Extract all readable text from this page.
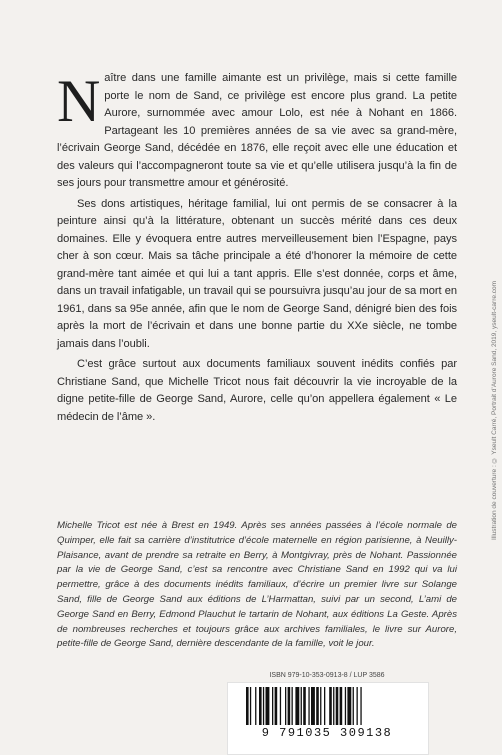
Naître dans une famille aimante est un privilège, mais si cette famille porte le nom de Sand, ce privilège est encore plus grand. La petite Aurore, surnommée avec amour Lolo, est née à Nohant en 1866. Partageant les 10 premières années de sa vie avec sa grand-mère, l’écrivain George Sand, décédée en 1876, elle reçoit avec elle une éducation et des valeurs qui l’accompagneront toute sa vie et qu’elle utilisera jusqu’à la fin de ses jours pour transmettre amour et générosité.

Ses dons artistiques, héritage familial, lui ont permis de se consacrer à la peinture ainsi qu’à la littérature, obtenant un succès mérité dans ces deux domaines. Elle y évoquera entre autres merveilleusement bien l’Espagne, pays cher à son cœur. Mais sa tâche principale a été d’honorer la mémoire de cette grand-mère tant aimée et qui lui a tant appris. Elle s’est donnée, corps et âme, dans un travail infatigable, un travail qui se poursuivra jusqu’au jour de sa mort en 1961, dans sa 95e année, afin que le nom de George Sand, dénigré bien des fois après la mort de l’écrivain et dans une bonne partie du XXe siècle, ne tombe jamais dans l’oubli.

C’est grâce surtout aux documents familiaux souvent inédits confiés par Christiane Sand, que Michelle Tricot nous fait découvrir la vie incroyable de la digne petite-fille de George Sand, Aurore, celle qu’on appellera également « Le médecin de l’âme ».

Michelle Tricot est née à Brest en 1949. Après ses années passées à l’école normale de Quimper, elle fait sa carrière d’institutrice d’école maternelle en région parisienne, à Neuilly-Plaisance, avant de prendre sa retraite en Berry, à Montgivray, près de Nohant. Passionnée par la vie de George Sand, c’est sa rencontre avec Christiane Sand en 1992 qui va lui permettre, grâce à des documents inédits familiaux, d’écrire un premier livre sur Solange Sand, fille de George Sand aux éditions de L’Harmattan, suivi par un second, L’ami de George Sand en Berry, Edmond Plauchut le tartarin de Nohant, aux éditions La Geste. Après de nombreuses recherches et toujours grâce aux archives familiales, le livre sur Aurore, petite-fille de George Sand, dernière descendante de la famille, voit le jour.

ISBN 979-10-353-0913-8 / LUP 3586
9 791035 309138
Illustration de couverture : © Yseult Carré, Portrait d’Aurore Sand, 2019, yseult-carre.com
